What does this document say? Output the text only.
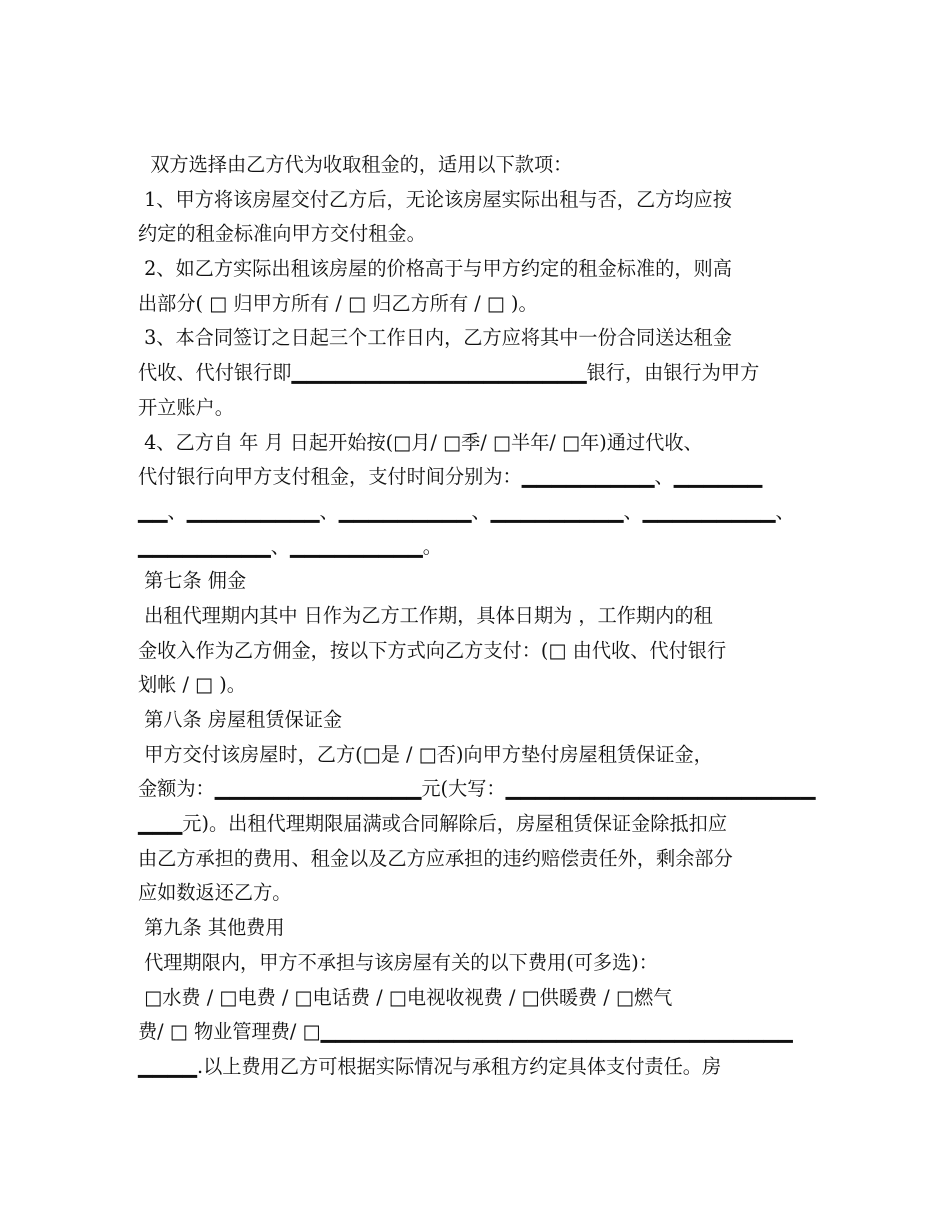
双方选择由乙方代为收取租金的，适用以下款项：
1、甲方将该房屋交付乙方后，无论该房屋实际出租与否，乙方均应按
约定的租金标准向甲方交付租金。
2、如乙方实际出租该房屋的价格高于与甲方约定的租金标准的，则高
出部分( □ 归甲方所有 / □ 归乙方所有 / □ )。
3、本合同签订之日起三个工作日内，乙方应将其中一份合同送达租金
代收、代付银行即▁▁▁▁▁▁▁▁▁▁▁▁▁▁▁▁▁▁▁▁银行，由银行为甲方
开立账户。
4、乙方自 年 月 日起开始按(□月/ □季/ □半年/ □年)通过代收、
代付银行向甲方支付租金，支付时间分别为：▁▁▁▁▁▁▁▁▁、▁▁▁▁▁▁
▁▁、▁▁▁▁▁▁▁▁▁、▁▁▁▁▁▁▁▁▁、▁▁▁▁▁▁▁▁▁、▁▁▁▁▁▁▁▁▁、
▁▁▁▁▁▁▁▁▁、▁▁▁▁▁▁▁▁▁。
第七条 佣金
出租代理期内其中 日作为乙方工作期，具体日期为 ，工作期内的租
金收入作为乙方佣金，按以下方式向乙方支付：(□ 由代收、代付银行
划帐 / □ )。
第八条 房屋租赁保证金
甲方交付该房屋时，乙方(□是 / □否)向甲方垫付房屋租赁保证金，
金额为：▁▁▁▁▁▁▁▁▁▁▁▁▁▁元(大写：▁▁▁▁▁▁▁▁▁▁▁▁▁▁▁▁▁▁▁▁▁
▁▁▁元)。出租代理期限届满或合同解除后，房屋租赁保证金除抵扣应
由乙方承担的费用、租金以及乙方应承担的违约赔偿责任外，剩余部分
应如数返还乙方。
第九条 其他费用
代理期限内，甲方不承担与该房屋有关的以下费用(可多选)：
□水费 / □电费 / □电话费 / □电视收视费 / □供暖费 / □燃气
费/ □ 物业管理费/ □▁▁▁▁▁▁▁▁▁▁▁▁▁▁▁▁▁▁▁▁▁▁▁▁▁▁▁▁▁▁▁▁
▁▁▁▁.以上费用乙方可根据实际情况与承租方约定具体支付责任。房
